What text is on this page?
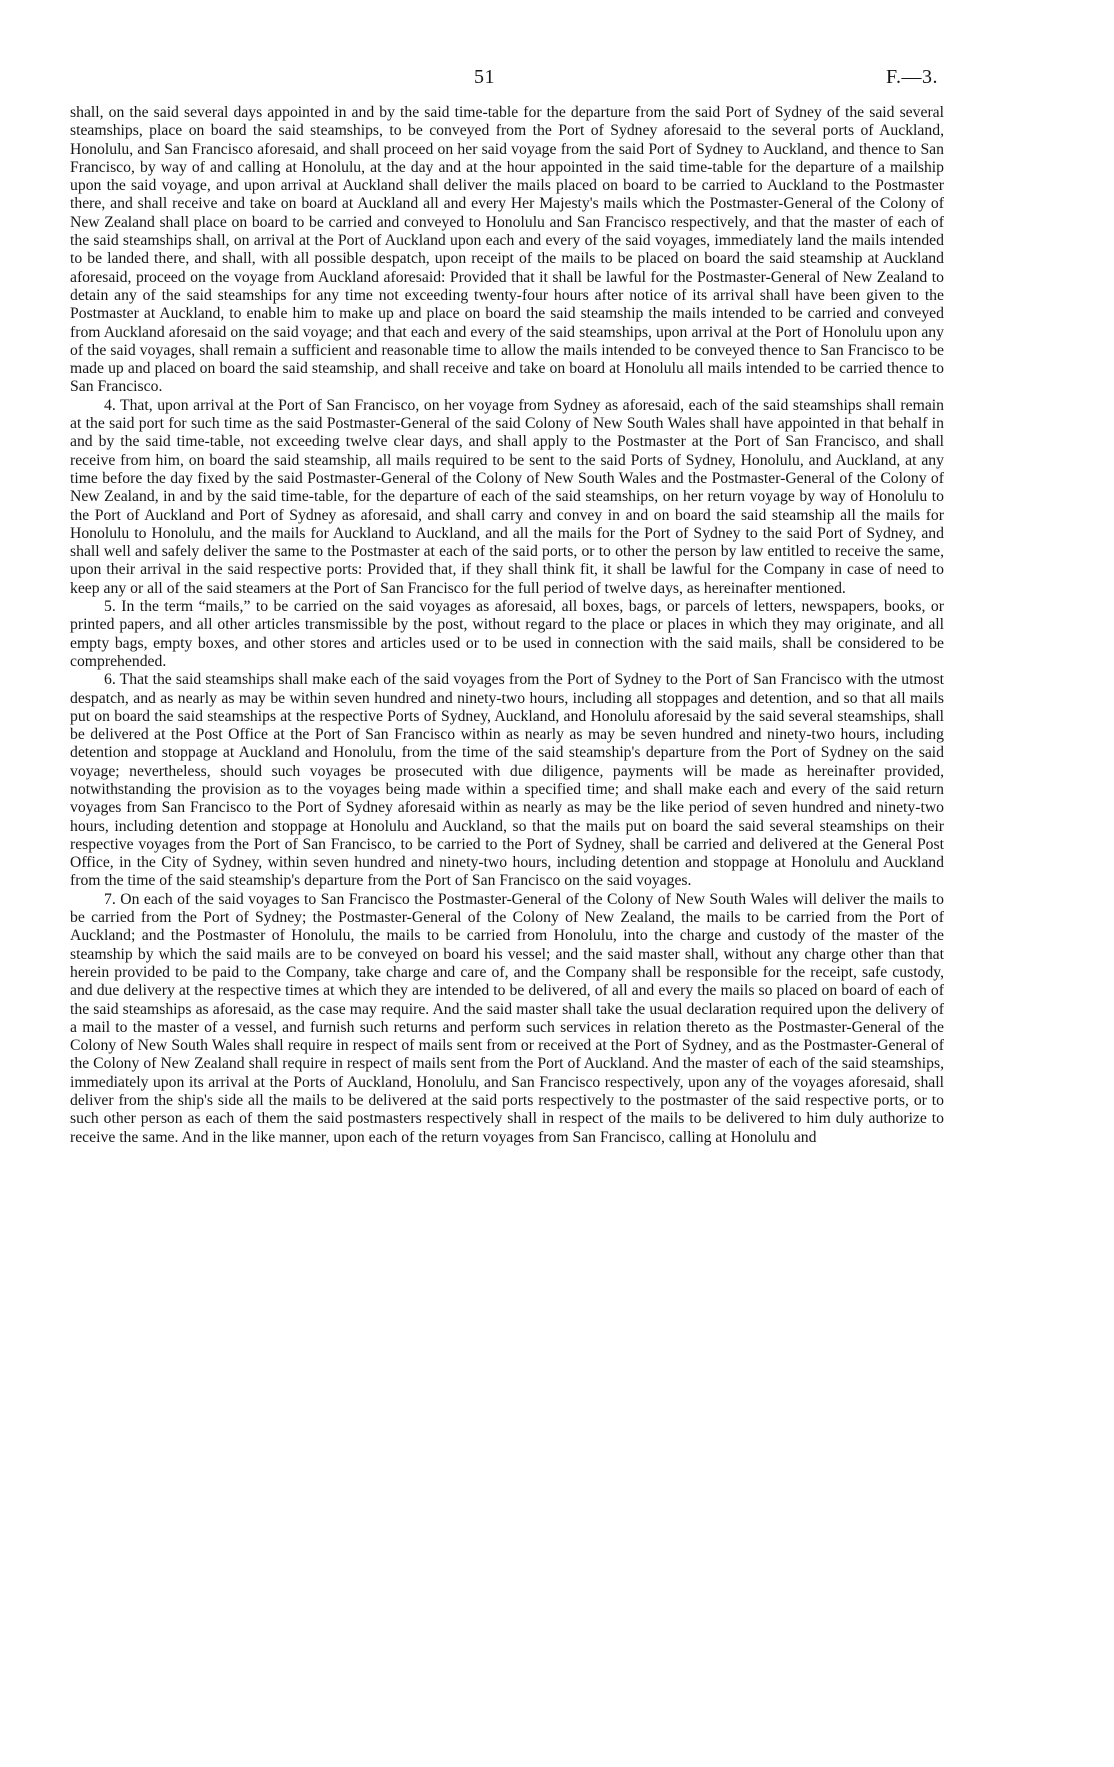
51	F.—3.

shall, on the said several days appointed in and by the said time-table for the departure from the said Port of Sydney of the said several steamships, place on board the said steamships, to be conveyed from the Port of Sydney aforesaid to the several ports of Auckland, Honolulu, and San Francisco aforesaid, and shall proceed on her said voyage from the said Port of Sydney to Auckland, and thence to San Francisco, by way of and calling at Honolulu, at the day and at the hour appointed in the said time-table for the departure of a mailship upon the said voyage, and upon arrival at Auckland shall deliver the mails placed on board to be carried to Auckland to the Postmaster there, and shall receive and take on board at Auckland all and every Her Majesty's mails which the Postmaster-General of the Colony of New Zealand shall place on board to be carried and conveyed to Honolulu and San Francisco respectively, and that the master of each of the said steamships shall, on arrival at the Port of Auckland upon each and every of the said voyages, immediately land the mails intended to be landed there, and shall, with all possible despatch, upon receipt of the mails to be placed on board the said steamship at Auckland aforesaid, proceed on the voyage from Auckland aforesaid: Provided that it shall be lawful for the Postmaster-General of New Zealand to detain any of the said steamships for any time not exceeding twenty-four hours after notice of its arrival shall have been given to the Postmaster at Auckland, to enable him to make up and place on board the said steamship the mails intended to be carried and conveyed from Auckland aforesaid on the said voyage; and that each and every of the said steamships, upon arrival at the Port of Honolulu upon any of the said voyages, shall remain a sufficient and reasonable time to allow the mails intended to be conveyed thence to San Francisco to be made up and placed on board the said steamship, and shall receive and take on board at Honolulu all mails intended to be carried thence to San Francisco.

4. That, upon arrival at the Port of San Francisco, on her voyage from Sydney as aforesaid, each of the said steamships shall remain at the said port for such time as the said Postmaster-General of the said Colony of New South Wales shall have appointed in that behalf in and by the said time-table, not exceeding twelve clear days, and shall apply to the Postmaster at the Port of San Francisco, and shall receive from him, on board the said steamship, all mails required to be sent to the said Ports of Sydney, Honolulu, and Auckland, at any time before the day fixed by the said Postmaster-General of the Colony of New South Wales and the Postmaster-General of the Colony of New Zealand, in and by the said time-table, for the departure of each of the said steamships, on her return voyage by way of Honolulu to the Port of Auckland and Port of Sydney as aforesaid, and shall carry and convey in and on board the said steamship all the mails for Honolulu to Honolulu, and the mails for Auckland to Auckland, and all the mails for the Port of Sydney to the said Port of Sydney, and shall well and safely deliver the same to the Postmaster at each of the said ports, or to other the person by law entitled to receive the same, upon their arrival in the said respective ports: Provided that, if they shall think fit, it shall be lawful for the Company in case of need to keep any or all of the said steamers at the Port of San Francisco for the full period of twelve days, as hereinafter mentioned.

5. In the term “mails,” to be carried on the said voyages as aforesaid, all boxes, bags, or parcels of letters, newspapers, books, or printed papers, and all other articles transmissible by the post, without regard to the place or places in which they may originate, and all empty bags, empty boxes, and other stores and articles used or to be used in connection with the said mails, shall be considered to be comprehended.

6. That the said steamships shall make each of the said voyages from the Port of Sydney to the Port of San Francisco with the utmost despatch, and as nearly as may be within seven hundred and ninety-two hours, including all stoppages and detention, and so that all mails put on board the said steamships at the respective Ports of Sydney, Auckland, and Honolulu aforesaid by the said several steamships, shall be delivered at the Post Office at the Port of San Francisco within as nearly as may be seven hundred and ninety-two hours, including detention and stoppage at Auckland and Honolulu, from the time of the said steamship's departure from the Port of Sydney on the said voyage; nevertheless, should such voyages be prosecuted with due diligence, payments will be made as hereinafter provided, notwithstanding the provision as to the voyages being made within a specified time; and shall make each and every of the said return voyages from San Francisco to the Port of Sydney aforesaid within as nearly as may be the like period of seven hundred and ninety-two hours, including detention and stoppage at Honolulu and Auckland, so that the mails put on board the said several steamships on their respective voyages from the Port of San Francisco, to be carried to the Port of Sydney, shall be carried and delivered at the General Post Office, in the City of Sydney, within seven hundred and ninety-two hours, including detention and stoppage at Honolulu and Auckland from the time of the said steamship's departure from the Port of San Francisco on the said voyages.

7. On each of the said voyages to San Francisco the Postmaster-General of the Colony of New South Wales will deliver the mails to be carried from the Port of Sydney; the Postmaster-General of the Colony of New Zealand, the mails to be carried from the Port of Auckland; and the Postmaster of Honolulu, the mails to be carried from Honolulu, into the charge and custody of the master of the steamship by which the said mails are to be conveyed on board his vessel; and the said master shall, without any charge other than that herein provided to be paid to the Company, take charge and care of, and the Company shall be responsible for the receipt, safe custody, and due delivery at the respective times at which they are intended to be delivered, of all and every the mails so placed on board of each of the said steamships as aforesaid, as the case may require. And the said master shall take the usual declaration required upon the delivery of a mail to the master of a vessel, and furnish such returns and perform such services in relation thereto as the Postmaster-General of the Colony of New South Wales shall require in respect of mails sent from or received at the Port of Sydney, and as the Postmaster-General of the Colony of New Zealand shall require in respect of mails sent from the Port of Auckland. And the master of each of the said steamships, immediately upon its arrival at the Ports of Auckland, Honolulu, and San Francisco respectively, upon any of the voyages aforesaid, shall deliver from the ship's side all the mails to be delivered at the said ports respectively to the postmaster of the said respective ports, or to such other person as each of them the said postmasters respectively shall in respect of the mails to be delivered to him duly authorize to receive the same. And in the like manner, upon each of the return voyages from San Francisco, calling at Honolulu and
